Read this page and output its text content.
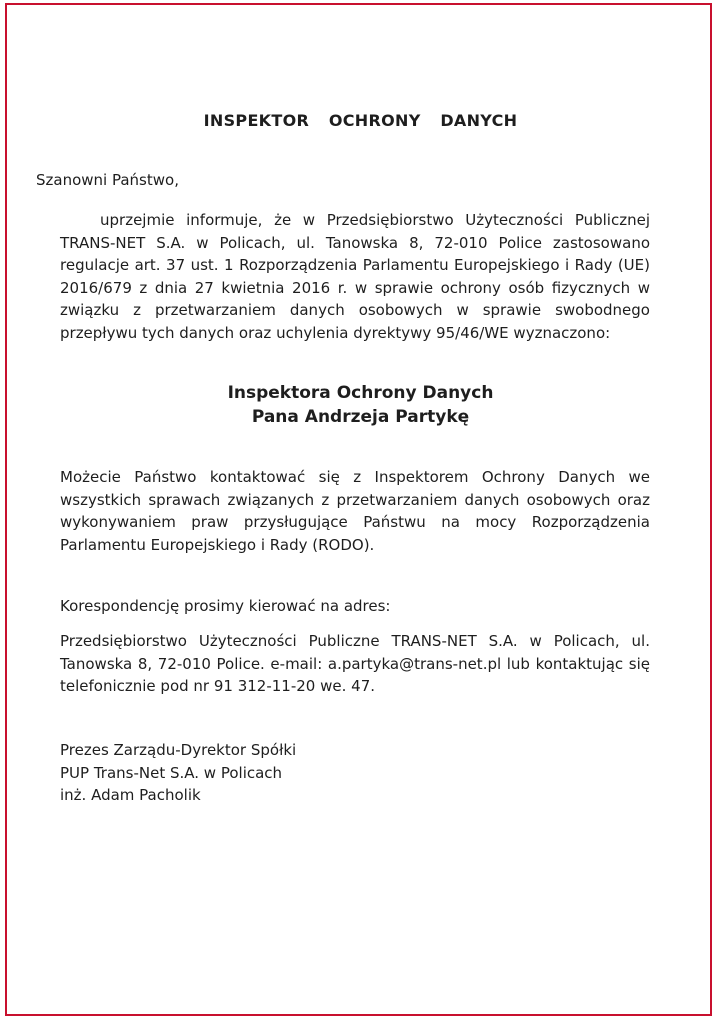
INSPEKTOR  OCHRONY  DANYCH
Szanowni Państwo,
uprzejmie informuje, że w Przedsiębiorstwo Użyteczności Publicznej TRANS-NET S.A. w Policach, ul. Tanowska 8, 72-010 Police zastosowano regulacje art. 37 ust. 1 Rozporządzenia Parlamentu Europejskiego i Rady (UE) 2016/679 z dnia 27 kwietnia 2016 r. w sprawie ochrony osób fizycznych w związku z przetwarzaniem danych osobowych w sprawie swobodnego przepływu tych danych oraz uchylenia dyrektywy 95/46/WE wyznaczono:
Inspektora Ochrony Danych
Pana Andrzeja Partykę
Możecie Państwo kontaktować się z Inspektorem Ochrony Danych we wszystkich sprawach związanych z przetwarzaniem danych osobowych oraz wykonywaniem praw przysługujące Państwu na mocy Rozporządzenia Parlamentu Europejskiego i Rady (RODO).
Korespondencję prosimy kierować na adres:
Przedsiębiorstwo Użyteczności Publiczne TRANS-NET S.A. w Policach, ul. Tanowska 8, 72-010 Police. e-mail: a.partyka@trans-net.pl lub kontaktując się telefonicznie pod nr 91 312-11-20 we. 47.
Prezes Zarządu-Dyrektor Spółki
PUP Trans-Net S.A. w Policach
inż. Adam Pacholik
